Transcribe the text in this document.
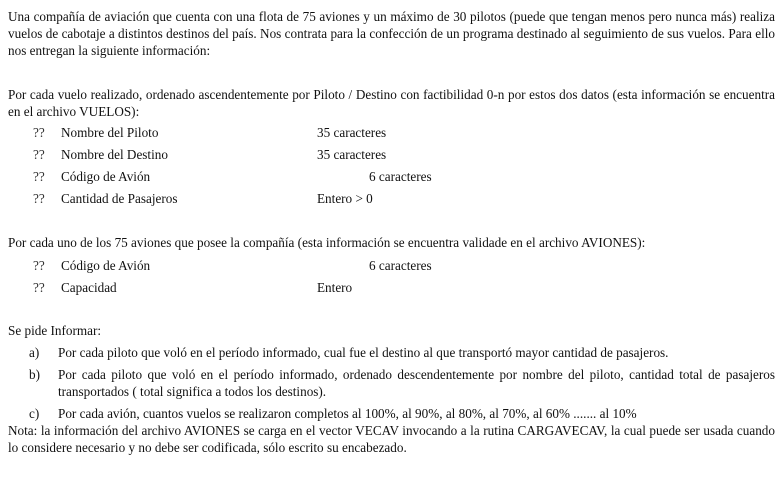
Una compañía de aviación que cuenta con una flota de 75 aviones y un máximo de 30 pilotos (puede que tengan menos pero nunca más) realiza vuelos de cabotaje a distintos destinos del país. Nos contrata para la confección de un programa destinado al seguimiento de sus vuelos. Para ello nos entregan la siguiente información:

Por cada vuelo realizado, ordenado ascendentemente por Piloto / Destino con factibilidad 0-n por estos dos datos (esta información se encuentra en el archivo VUELOS):

?? Nombre del Piloto	35 caracteres
?? Nombre del Destino	35 caracteres
?? Código de Avión	6 caracteres
?? Cantidad de Pasajeros	Entero > 0

Por cada uno de los 75 aviones que posee la compañía (esta información se encuentra validade en el archivo AVIONES):

?? Código de Avión	6 caracteres
?? Capacidad	Entero

Se pide Informar:

a) Por cada piloto que voló en el período informado, cual fue el destino al que transportó mayor cantidad de pasajeros.
b) Por cada piloto que voló en el período informado, ordenado descendentemente por nombre del piloto, cantidad total de pasajeros transportados ( total significa a todos los destinos).
c) Por cada avión, cuantos vuelos se realizaron completos al 100%, al 90%, al 80%, al 70%, al 60% ....... al 10%

Nota: la información del archivo AVIONES se carga en el vector VECAV invocando a la rutina CARGAVECAV, la cual puede ser usada cuando lo considere necesario y no debe ser codificada, sólo escrito su encabezado.
